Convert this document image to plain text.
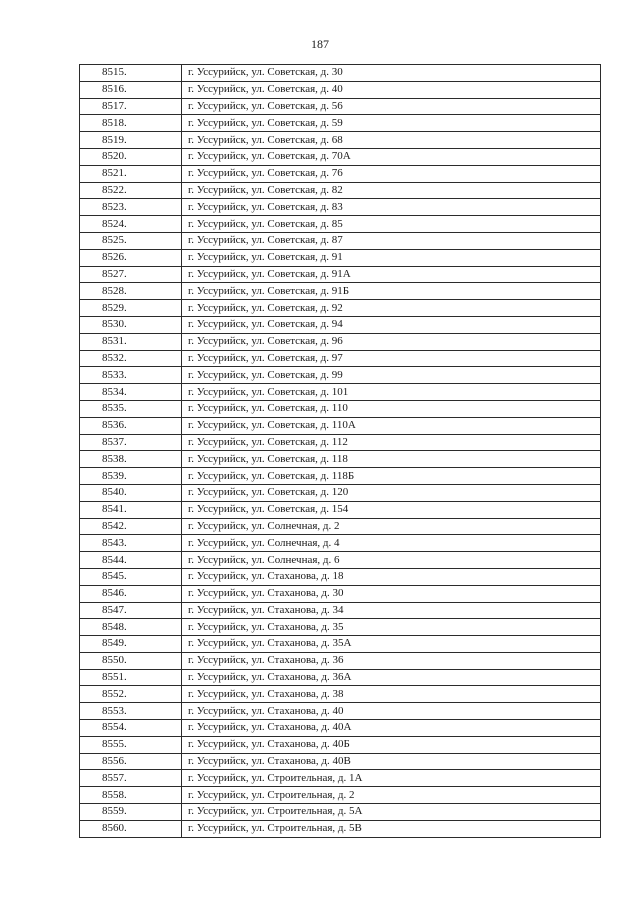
187
8515.	г. Уссурийск, ул. Советская, д. 30
8516.	г. Уссурийск, ул. Советская, д. 40
8517.	г. Уссурийск, ул. Советская, д. 56
8518.	г. Уссурийск, ул. Советская, д. 59
8519.	г. Уссурийск, ул. Советская, д. 68
8520.	г. Уссурийск, ул. Советская, д. 70А
8521.	г. Уссурийск, ул. Советская, д. 76
8522.	г. Уссурийск, ул. Советская, д. 82
8523.	г. Уссурийск, ул. Советская, д. 83
8524.	г. Уссурийск, ул. Советская, д. 85
8525.	г. Уссурийск, ул. Советская, д. 87
8526.	г. Уссурийск, ул. Советская, д. 91
8527.	г. Уссурийск, ул. Советская, д. 91А
8528.	г. Уссурийск, ул. Советская, д. 91Б
8529.	г. Уссурийск, ул. Советская, д. 92
8530.	г. Уссурийск, ул. Советская, д. 94
8531.	г. Уссурийск, ул. Советская, д. 96
8532.	г. Уссурийск, ул. Советская, д. 97
8533.	г. Уссурийск, ул. Советская, д. 99
8534.	г. Уссурийск, ул. Советская, д. 101
8535.	г. Уссурийск, ул. Советская, д. 110
8536.	г. Уссурийск, ул. Советская, д. 110А
8537.	г. Уссурийск, ул. Советская, д. 112
8538.	г. Уссурийск, ул. Советская, д. 118
8539.	г. Уссурийск, ул. Советская, д. 118Б
8540.	г. Уссурийск, ул. Советская, д. 120
8541.	г. Уссурийск, ул. Советская, д. 154
8542.	г. Уссурийск, ул. Солнечная, д. 2
8543.	г. Уссурийск, ул. Солнечная, д. 4
8544.	г. Уссурийск, ул. Солнечная, д. 6
8545.	г. Уссурийск, ул. Стаханова, д. 18
8546.	г. Уссурийск, ул. Стаханова, д. 30
8547.	г. Уссурийск, ул. Стаханова, д. 34
8548.	г. Уссурийск, ул. Стаханова, д. 35
8549.	г. Уссурийск, ул. Стаханова, д. 35А
8550.	г. Уссурийск, ул. Стаханова, д. 36
8551.	г. Уссурийск, ул. Стаханова, д. 36А
8552.	г. Уссурийск, ул. Стаханова, д. 38
8553.	г. Уссурийск, ул. Стаханова, д. 40
8554.	г. Уссурийск, ул. Стаханова, д. 40А
8555.	г. Уссурийск, ул. Стаханова, д. 40Б
8556.	г. Уссурийск, ул. Стаханова, д. 40В
8557.	г. Уссурийск, ул. Строительная, д. 1А
8558.	г. Уссурийск, ул. Строительная, д. 2
8559.	г. Уссурийск, ул. Строительная, д. 5А
8560.	г. Уссурийск, ул. Строительная, д. 5В
